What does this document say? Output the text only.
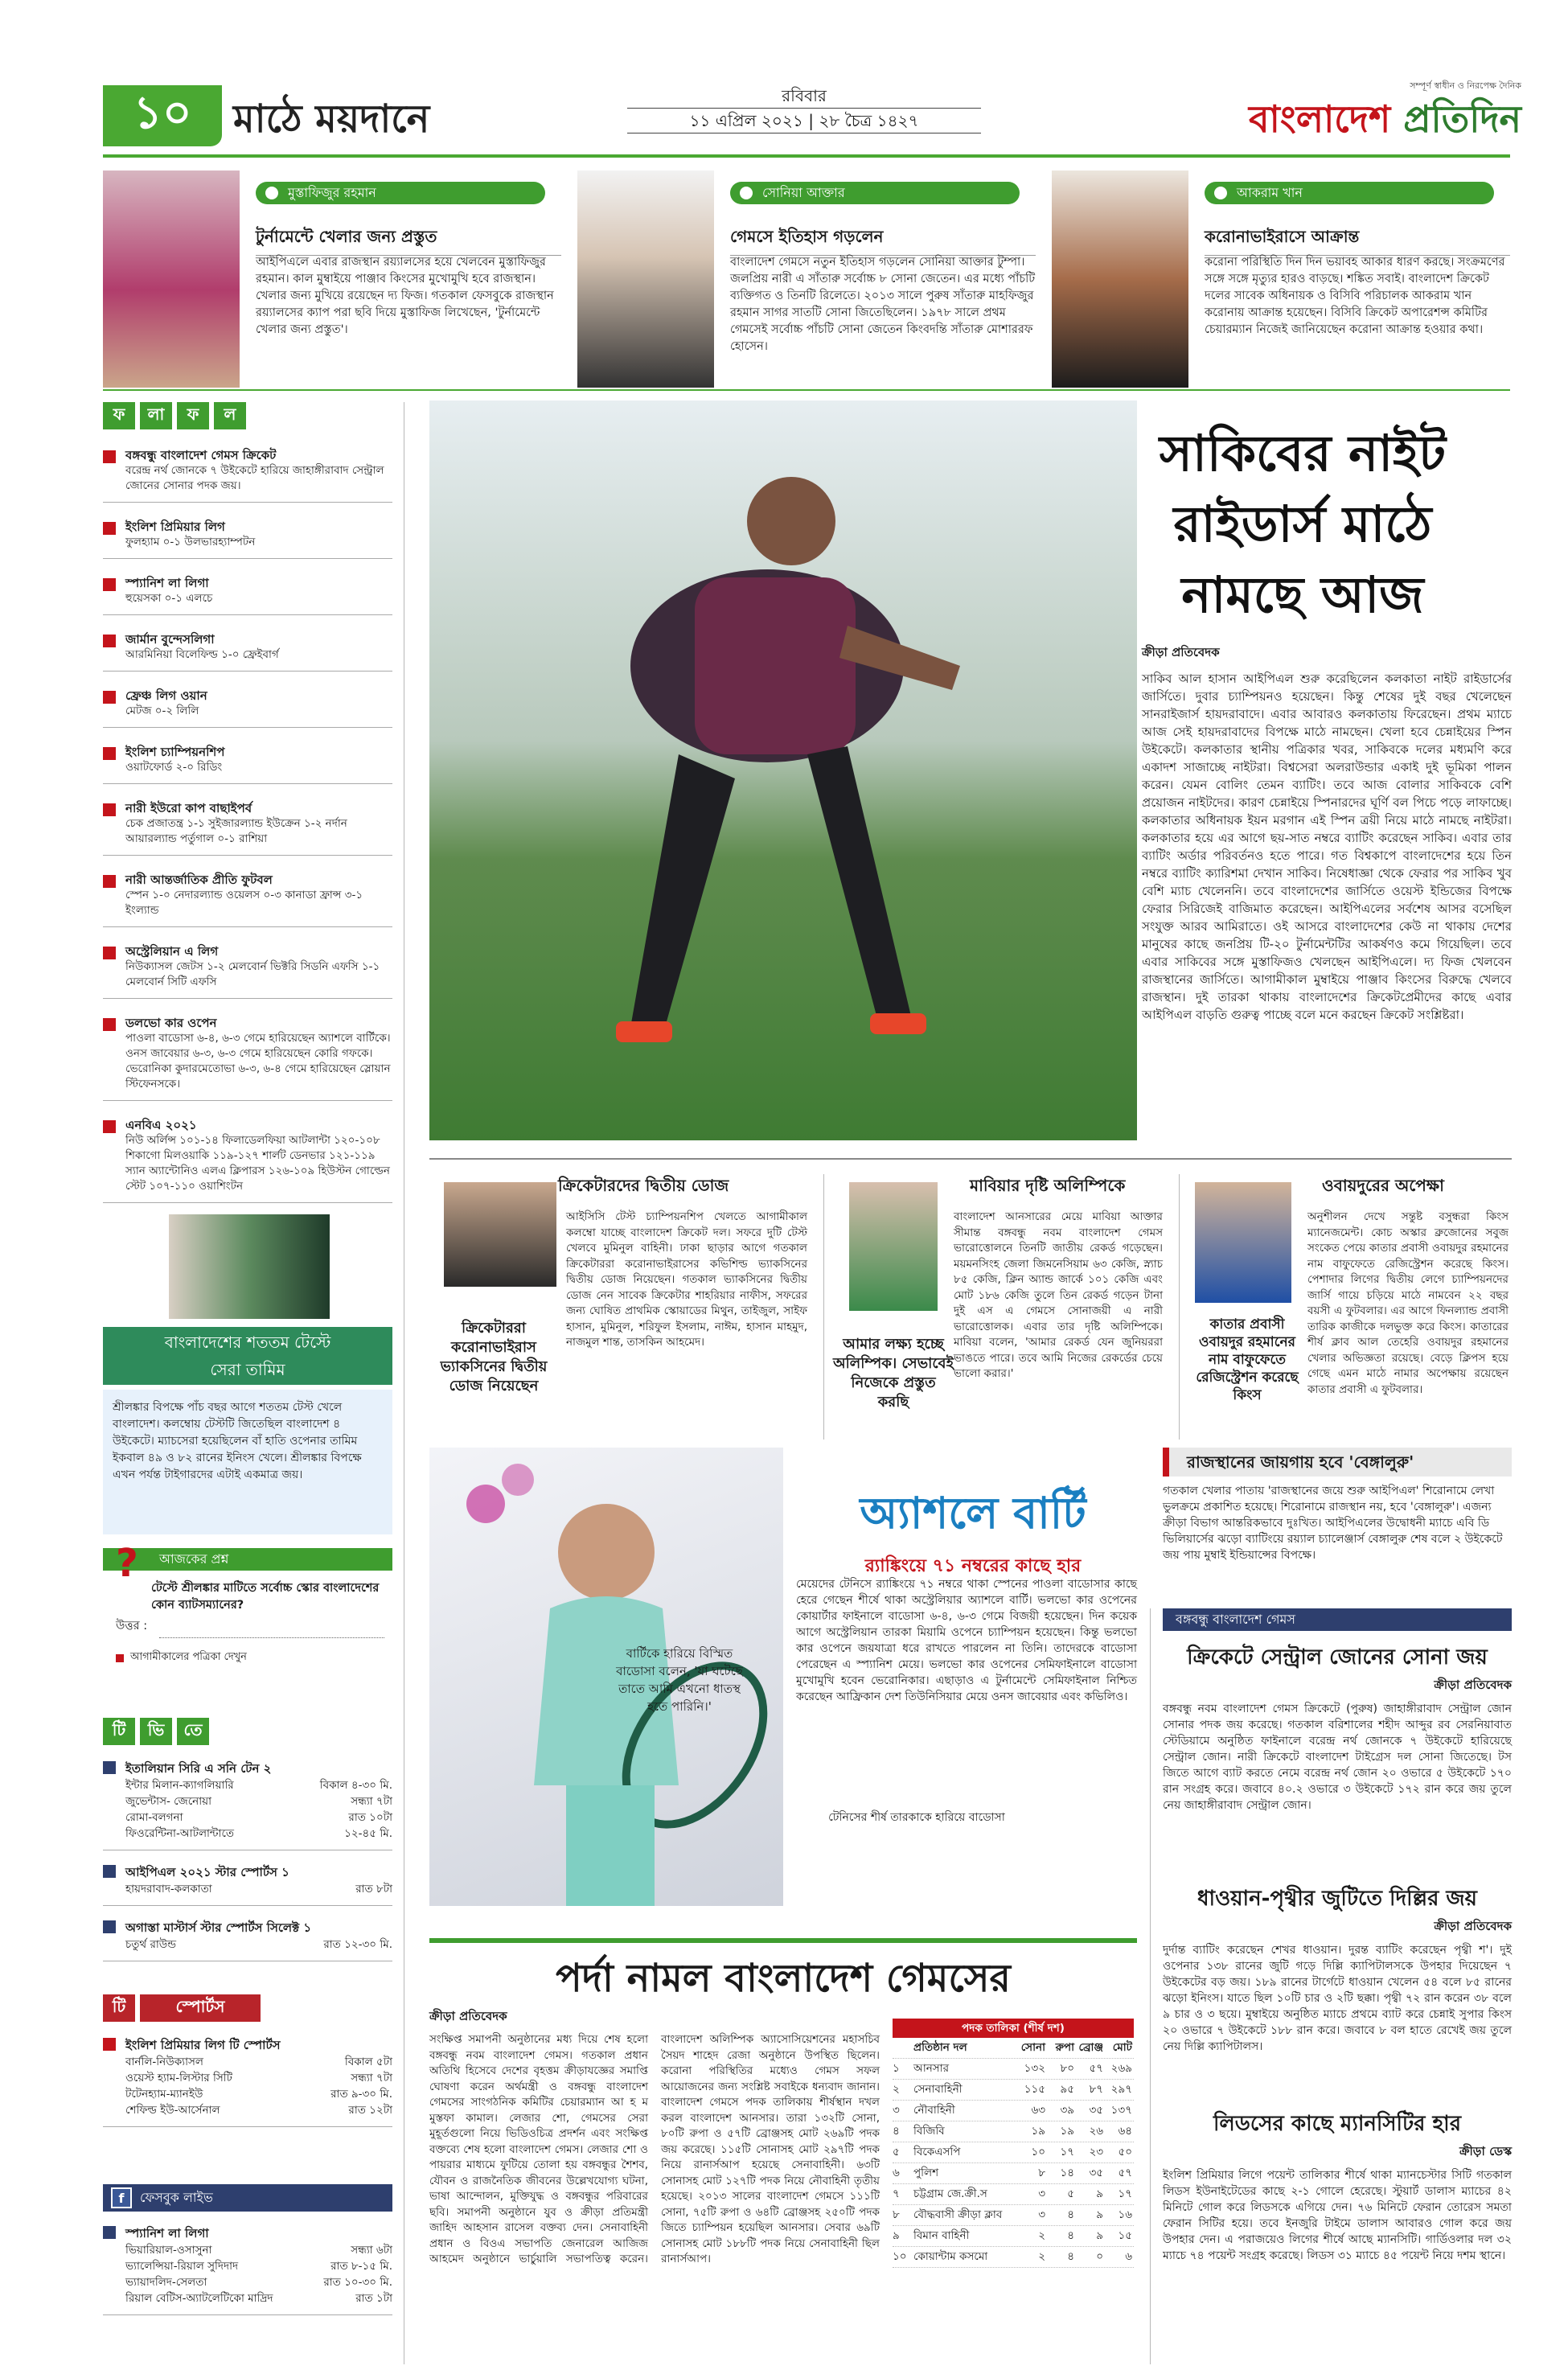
১০	মাঠে ময়দানে
রবিবার
১১ এপ্রিল ২০২১ | ২৮ চৈত্র ১৪২৭
সম্পূর্ণ স্বাধীন ও নিরপেক্ষ দৈনিক
বাংলাদেশ প্রতিদিন
মুস্তাফিজুর রহমান
টুর্নামেন্টে খেলার জন্য প্রস্তুত
আইপিএলে এবার রাজস্থান রয়্যালসের হয়ে খেলবেন মুস্তাফিজুর রহমান। কাল মুম্বাইয়ে পাঞ্জাব কিংসের মুখোমুখি হবে রাজস্থান। খেলার জন্য মুখিয়ে রয়েছেন দ্য ফিজ। গতকাল ফেসবুকে রাজস্থান রয়্যালসের ক্যাপ পরা ছবি দিয়ে মুস্তাফিজ লিখেছেন, 'টুর্নামেন্টে খেলার জন্য প্রস্তুত'।
সোনিয়া আক্তার
গেমসে ইতিহাস গড়লেন
বাংলাদেশ গেমসে নতুন ইতিহাস গড়লেন সোনিয়া আক্তার টুম্পা। জলপ্রিয় নারী এ সাঁতারু সর্বোচ্চ ৮ সোনা জেতেন। এর মধ্যে পাঁচটি ব্যক্তিগত ও তিনটি রিলেতে। ২০১৩ সালে পুরুষ সাঁতারু মাহফিজুর রহমান সাগর সাতটি সোনা জিতেছিলেন। ১৯৭৮ সালে প্রথম গেমসেই সর্বোচ্চ পাঁচটি সোনা জেতেন কিংবদন্তি সাঁতারু মোশাররফ হোসেন।
আকরাম খান
করোনাভাইরাসে আক্রান্ত
করোনা পরিস্থিতি দিন দিন ভয়াবহ আকার ধারণ করছে। সংক্রমণের সঙ্গে সঙ্গে মৃত্যুর হারও বাড়ছে। শঙ্কিত সবাই। বাংলাদেশ ক্রিকেট দলের সাবেক অধিনায়ক ও বিসিবি পরিচালক আকরাম খান করোনায় আক্রান্ত হয়েছেন। বিসিবি ক্রিকেট অপারেশন্স কমিটির চেয়ারম্যান নিজেই জানিয়েছেন করোনা আক্রান্ত হওয়ার কথা।
ফ	লা	ফ	ল
বঙ্গবন্ধু বাংলাদেশ গেমস ক্রিকেট
বরেন্দ্র নর্থ জোনকে ৭ উইকেটে হারিয়ে জাহাঙ্গীরাবাদ সেন্ট্রাল জোনের সোনার পদক জয়।
ইংলিশ প্রিমিয়ার লিগ
ফুলহ্যাম ০-১ উলভারহ্যাম্পটন
স্প্যানিশ লা লিগা
হুয়েসকা ০-১ এলচে
জার্মান বুন্দেসলিগা
আরমিনিয়া বিলেফিল্ড ১-০ ফ্রেইবার্গ
ফ্রেঞ্চ লিগ ওয়ান
মেটজ ০-২ লিলি
ইংলিশ চ্যাম্পিয়নশিপ
ওয়াটফোর্ড ২-০ রিডিং
নারী ইউরো কাপ বাছাইপর্ব
চেক প্রজাতন্ত্র ১-১ সুইজারল্যান্ড ইউক্রেন ১-২ নর্দান আয়ারল্যান্ড পর্তুগাল ০-১ রাশিয়া
নারী আন্তর্জাতিক প্রীতি ফুটবল
স্পেন ১-০ নেদারল্যান্ড ওয়েলস ০-৩ কানাডা ফ্রান্স ৩-১ ইংল্যান্ড
অস্ট্রেলিয়ান এ লিগ
নিউক্যাসল জেটস ১-২ মেলবোর্ন ভিক্টরি সিডনি এফসি ১-১ মেলবোর্ন সিটি এফসি
ডলভো কার ওপেন
পাওলা বাডোসা ৬-৪, ৬-৩ গেমে হারিয়েছেন অ্যাশলে বার্টিকে। ওনস জাবেয়ার ৬-৩, ৬-৩ গেমে হারিয়েছেন কোরি গফকে। ভেরোনিকা কুদারমেতোভা ৬-৩, ৬-৪ গেমে হারিয়েছেন স্লোয়ান স্টিফেনসকে।
এনবিএ ২০২১
নিউ অর্লিন্স ১০১-১৪ ফিলাডেলফিয়া আটলান্টা ১২০-১০৮ শিকাগো মিলওয়াকি ১১৯-১২৭ শার্লট ডেনভার ১২১-১১৯ স্যান অ্যান্টোনিও এলএ ক্লিপারস ১২৬-১০৯ হিউস্টন গোল্ডেন স্টেট ১০৭-১১০ ওয়াশিংটন
বাংলাদেশের শততম টেস্টে
সেরা তামিম
শ্রীলঙ্কার বিপক্ষে পাঁচ বছর আগে শততম টেস্ট খেলে বাংলাদেশ। কলম্বোয় টেস্টটি জিতেছিল বাংলাদেশ ৪ উইকেটে। ম্যাচসেরা হয়েছিলেন বাঁ হাতি ওপেনার তামিম ইকবাল ৪৯ ও ৮২ রানের ইনিংস খেলে। শ্রীলঙ্কার বিপক্ষে এখন পর্যন্ত টাইগারদের এটাই একমাত্র জয়।
আজকের প্রশ্ন
?
টেস্টে শ্রীলঙ্কার মাটিতে সর্বোচ্চ স্কোর বাংলাদেশের কোন ব্যাটসম্যানের?
উত্তর :
আগামীকালের পত্রিকা দেখুন
টি	ভি	তে
ইতালিয়ান সিরি এ সনি টেন ২
ইন্টার মিলান-ক্যাগলিয়ারি	বিকাল ৪-৩০ মি.
জুভেন্টাস- জেনোয়া	সন্ধ্যা ৭টা
রোমা-বলগনা	রাত ১০টা
ফিওরেন্টিনা-আটলান্টাতে	১২-৪৫ মি.
আইপিএল ২০২১ স্টার স্পোর্টস ১
হায়দরাবাদ-কলকাতা	রাত ৮টা
অগাস্তা মাস্টার্স স্টার স্পোর্টস সিলেক্ট ১
চতুর্থ রাউন্ড	রাত ১২-৩০ মি.
টি	স্পোর্টস
ইংলিশ প্রিমিয়ার লিগ টি স্পোর্টস
বার্নলি-নিউক্যাসল	বিকাল ৫টা
ওয়েস্ট হ্যাম-লিস্টার সিটি	সন্ধ্যা ৭টা
টটেনহ্যাম-ম্যানইউ	রাত ৯-৩০ মি.
শেফিল্ড ইউ-আর্সেনাল	রাত ১২টা
f	ফেসবুক লাইভ
স্প্যানিশ লা লিগা
ভিয়ারিয়াল-ওসাসুনা	সন্ধ্যা ৬টা
ভ্যালেন্সিয়া-রিয়াল সুদিদাদ	রাত ৮-১৫ মি.
ভ্যায়াদলিদ-সেলতা	রাত ১০-৩০ মি.
রিয়াল বেটিস-অ্যাটলেটিকো মাদ্রিদ	রাত ১টা
সাকিবের নাইট রাইডার্স মাঠে নামছে আজ
ক্রীড়া প্রতিবেদক
সাকিব আল হাসান আইপিএল শুরু করেছিলেন কলকাতা নাইট রাইডার্সের জার্সিতে। দুবার চ্যাম্পিয়নও হয়েছেন। কিন্তু শেষের দুই বছর খেলেছেন সানরাইজার্স হায়দরাবাদে। এবার আবারও কলকাতায় ফিরেছেন। প্রথম ম্যাচে আজ সেই হায়দরাবাদের বিপক্ষে মাঠে নামছেন। খেলা হবে চেন্নাইয়ের স্পিন উইকেটে। কলকাতার স্থানীয় পত্রিকার খবর, সাকিবকে দলের মধ্যমণি করে একাদশ সাজাচ্ছে নাইটরা। বিশ্বসেরা অলরাউন্ডার একাই দুই ভূমিকা পালন করেন। যেমন বোলিং তেমন ব্যাটিং। তবে আজ বোলার সাকিবকে বেশি প্রয়োজন নাইটদের। কারণ চেন্নাইয়ে স্পিনারদের ঘূর্ণি বল পিচে পড়ে লাফাচ্ছে। কলকাতার অধিনায়ক ইয়ন মরগান এই স্পিন ত্রয়ী নিয়ে মাঠে নামছে নাইটরা। কলকাতার হয়ে এর আগে ছয়-সাত নম্বরে ব্যাটিং করেছেন সাকিব। এবার তার ব্যাটিং অর্ডার পরিবর্তনও হতে পারে। গত বিশ্বকাপে বাংলাদেশের হয়ে তিন নম্বরে ব্যাটিং ক্যারিশমা দেখান সাকিব। নিষেধাজ্ঞা থেকে ফেরার পর সাকিব খুব বেশি ম্যাচ খেলেননি। তবে বাংলাদেশের জার্সিতে ওয়েস্ট ইন্ডিজের বিপক্ষে ফেরার সিরিজেই বাজিমাত করেছেন। আইপিএলের সর্বশেষ আসর বসেছিল সংযুক্ত আরব আমিরাতে। ওই আসরে বাংলাদেশের কেউ না থাকায় দেশের মানুষের কাছে জনপ্রিয় টি-২০ টুর্নামেন্টটির আকর্ষণও কমে গিয়েছিল। তবে এবার সাকিবের সঙ্গে মুস্তাফিজও খেলছেন আইপিএলে। দ্য ফিজ খেলবেন রাজস্থানের জার্সিতে। আগামীকাল মুম্বাইয়ে পাঞ্জাব কিংসের বিরুদ্ধে খেলবে রাজস্থান। দুই তারকা থাকায় বাংলাদেশের ক্রিকেটপ্রেমীদের কাছে এবার আইপিএল বাড়তি গুরুত্ব পাচ্ছে বলে মনে করছেন ক্রিকেট সংশ্লিষ্টরা।
ক্রিকেটারদের দ্বিতীয় ডোজ
ক্রিকেটাররা করোনাভাইরাস ভ্যাকসিনের দ্বিতীয় ডোজ নিয়েছেন
আইসিসি টেস্ট চ্যাম্পিয়নশিপ খেলতে আগামীকাল কলম্বো যাচ্ছে বাংলাদেশ ক্রিকেট দল। সফরে দুটি টেস্ট খেলবে মুমিনুল বাহিনী। ঢাকা ছাড়ার আগে গতকাল ক্রিকেটাররা করোনাভাইরাসের কভিশিল্ড ভ্যাকসিনের দ্বিতীয় ডোজ নিয়েছেন। গতকাল ভ্যাকসিনের দ্বিতীয় ডোজ নেন সাবেক ক্রিকেটার শাহরিয়ার নাফীস, সফরের জন্য ঘোষিত প্রাথমিক স্কোয়াডের মিথুন, তাইজুল, সাইফ হাসান, মুমিনুল, শরিফুল ইসলাম, নাঈম, হাসান মাহমুদ, নাজমুল শান্ত, তাসকিন আহমেদ।
মাবিয়ার দৃষ্টি অলিম্পিকে
আমার লক্ষ্য হচ্ছে অলিম্পিক। সেভাবেই নিজেকে প্রস্তুত করছি
বাংলাদেশ আনসারের মেয়ে মাবিয়া আক্তার সীমান্ত বঙ্গবন্ধু নবম বাংলাদেশ গেমস ভারোত্তোলনে তিনটি জাতীয় রেকর্ড গড়েছেন। ময়মনসিংহ জেলা জিমনেসিয়াম ৬৩ কেজি, স্ন্যাচ ৮৫ কেজি, ক্লিন অ্যান্ড জার্কে ১০১ কেজি এবং মোট ১৮৬ কেজি তুলে তিন রেকর্ড গড়েন টানা দুই এস এ গেমসে সোনাজয়ী এ নারী ভারোত্তোলক। এবার তার দৃষ্টি অলিম্পিকে। মাবিয়া বলেন, 'আমার রেকর্ড যেন জুনিয়ররা ভাঙতে পারে। তবে আমি নিজের রেকর্ডের চেয়ে ভালো করার।'
ওবায়দুরের অপেক্ষা
কাতার প্রবাসী ওবায়দুর রহমানের নাম বাফুফেতে রেজিস্ট্রেশন করেছে কিংস
অনুশীলন দেখে সন্তুষ্ট বসুন্ধরা কিংস ম্যানেজমেন্ট। কোচ অস্কার ব্রুজোনের সবুজ সংকেত পেয়ে কাতার প্রবাসী ওবায়দুর রহমানের নাম বাফুফেতে রেজিস্ট্রেশন করেছে কিংস। পেশাদার লিগের দ্বিতীয় লেগে চ্যাম্পিয়নদের জার্সি গায়ে চড়িয়ে মাঠে নামবেন ২২ বছর বয়সী এ ফুটবলার। এর আগে ফিনল্যান্ড প্রবাসী তারিক কাজীকে দলভুক্ত করে কিংস। কাতারের শীর্ষ ক্লাব আল তেহেরি ওবায়দুর রহমানের খেলার অভিজ্ঞতা রয়েছে। বেড়ে ক্লিপস হয়ে গেছে এমন মাঠে নামার অপেক্ষায় রয়েছেন কাতার প্রবাসী এ ফুটবলার।
রাজস্থানের জায়গায় হবে 'বেঙ্গালুরু'
গতকাল খেলার পাতায় 'রাজস্থানের জয়ে শুরু আইপিএল' শিরোনামে লেখা ভুলক্রমে প্রকাশিত হয়েছে। শিরোনামে রাজস্থান নয়, হবে 'বেঙ্গালুরু'। এজন্য ক্রীড়া বিভাগ আন্তরিকভাবে দুঃখিত। আইপিএলের উদ্বোধনী ম্যাচে এবি ডি ভিলিয়ার্সের ঝড়ো ব্যাটিংয়ে রয়্যাল চ্যালেঞ্জার্স বেঙ্গালুরু শেষ বলে ২ উইকেটে জয় পায় মুম্বাই ইন্ডিয়ান্সের বিপক্ষে।
অ্যাশলে বার্টি
র‌্যাঙ্কিংয়ে ৭১ নম্বরের কাছে হার
মেয়েদের টেনিসে র‌্যাঙ্কিংয়ে ৭১ নম্বরে থাকা স্পেনের পাওলা বাডোসার কাছে হেরে গেছেন শীর্ষে থাকা অস্ট্রেলিয়ার অ্যাশলে বার্টি। ভলভো কার ওপেনের কোয়ার্টার ফাইনালে বাডোসা ৬-৪, ৬-৩ গেমে বিজয়ী হয়েছেন। দিন কয়েক আগে অস্ট্রেলিয়ান তারকা মিয়ামি ওপেনে চ্যাম্পিয়ন হয়েছেন। কিন্তু ভলভো কার ওপেনে জয়যাত্রা ধরে রাখতে পারলেন না তিনি। তাদেরকে বাডোসা পেরেছেন এ স্প্যানিশ মেয়ে। ভলভো কার ওপেনের সেমিফাইনালে বাডোসা মুখোমুখি হবেন ভেরোনিকার। এছাড়াও এ টুর্নামেন্টে সেমিফাইনাল নিশ্চিত করেছেন আফ্রিকান দেশ তিউনিসিয়ার মেয়ে ওনস জাবেয়ার এবং কভিলিও।
বার্টিকে হারিয়ে বিস্মিত বাডোসা বলেন, 'যা ঘটেছে তাতে আমি এখনো ধাতস্থ হতে পারিনি।'
টেনিসের শীর্ষ তারকাকে হারিয়ে বাডোসা
পর্দা নামল বাংলাদেশ গেমসের
ক্রীড়া প্রতিবেদক
সংক্ষিপ্ত সমাপনী অনুষ্ঠানের মধ্য দিয়ে শেষ হলো বঙ্গবন্ধু নবম বাংলাদেশ গেমস। গতকাল প্রধান অতিথি হিসেবে দেশের বৃহত্তম ক্রীড়াযজ্ঞের সমাপ্তি ঘোষণা করেন অর্থমন্ত্রী ও বঙ্গবন্ধু বাংলাদেশ গেমসের সাংগঠনিক কমিটির চেয়ারম্যান আ হ ম মুস্তফা কামাল। লেজার শো, গেমসের সেরা মুহূর্তগুলো নিয়ে ভিডিওচিত্র প্রদর্শন এবং সংক্ষিপ্ত বক্তব্যে শেষ হলো বাংলাদেশ গেমস। লেজার শো ও পায়রার মাধ্যমে ফুটিয়ে তোলা হয় বঙ্গবন্ধুর শৈশব, যৌবন ও রাজনৈতিক জীবনের উল্লেখযোগ্য ঘটনা, ভাষা আন্দোলন, মুক্তিযুদ্ধ ও বঙ্গবন্ধুর পরিবারের ছবি। সমাপনী অনুষ্ঠানে যুব ও ক্রীড়া প্রতিমন্ত্রী জাহিদ আহসান রাসেল বক্তব্য দেন। সেনাবাহিনী প্রধান ও বিওএ সভাপতি জেনারেল আজিজ আহমেদ অনুষ্ঠানে ভার্চুয়ালি সভাপতিত্ব করেন। বাংলাদেশ অলিম্পিক অ্যাসোসিয়েশনের মহাসচিব সৈয়দ শাহেদ রেজা অনুষ্ঠানে উপস্থিত ছিলেন। করোনা পরিস্থিতির মধ্যেও গেমস সফল আয়োজনের জন্য সংশ্লিষ্ট সবাইকে ধন্যবাদ জানান। বাংলাদেশ গেমসে পদক তালিকায় শীর্ষস্থান দখল করল বাংলাদেশ আনসার। তারা ১৩২টি সোনা, ৮০টি রুপা ও ৫৭টি ব্রোঞ্জসহ মোট ২৬৯টি পদক জয় করেছে। ১১৫টি সোনাসহ মোট ২৯৭টি পদক নিয়ে রানার্সআপ হয়েছে সেনাবাহিনী। ৬৩টি সোনাসহ মোট ১২৭টি পদক নিয়ে নৌবাহিনী তৃতীয় হয়েছে। ২০১৩ সালের বাংলাদেশ গেমসে ১১১টি সোনা, ৭৫টি রুপা ও ৬৪টি ব্রোঞ্জসহ ২৫০টি পদক জিতে চ্যাম্পিয়ন হয়েছিল আনসার। সেবার ৬৯টি সোনাসহ মোট ১৮৮টি পদক নিয়ে সেনাবাহিনী ছিল রানার্সআপ।
পদক তালিকা (শীর্ষ দশ)
প্রতিষ্ঠান দল	সোনা রুপা ব্রোঞ্জ মোট
১	আনসার	১৩২	৮০	৫৭ ২৬৯
২	সেনাবাহিনী	১১৫	৯৫	৮৭ ২৯৭
৩	নৌবাহিনী	৬৩	৩৯	৩৫ ১৩৭
৪	বিজিবি	১৯	১৯	২৬	৬৪
৫	বিকেএসপি	১০	১৭	২৩	৫০
৬	পুলিশ	৮	১৪	৩৫	৫৭
৭	চট্টগ্রাম জে.ক্রী.স	৩	৫	৯	১৭
৮	বৌদ্ধবাসী ক্রীড়া ক্লাব	৩	৪	৯	১৬
৯	বিমান বাহিনী	২	৪	৯	১৫
১০ কোয়ান্টাম কসমো	২	৪	০	৬
বঙ্গবন্ধু বাংলাদেশ গেমস
ক্রিকেটে সেন্ট্রাল জোনের সোনা জয়
ক্রীড়া প্রতিবেদক
বঙ্গবন্ধু নবম বাংলাদেশ গেমস ক্রিকেটে (পুরুষ) জাহাঙ্গীরাবাদ সেন্ট্রাল জোন সোনার পদক জয় করেছে। গতকাল বরিশালের শহীদ আব্দুর রব সেরনিয়াবাত স্টেডিয়ামে অনুষ্ঠিত ফাইনালে বরেন্দ্র নর্থ জোনকে ৭ উইকেটে হারিয়েছে সেন্ট্রাল জোন। নারী ক্রিকেটে বাংলাদেশ টাইগ্রেস দল সোনা জিতেছে। টস জিতে আগে ব্যাট করতে নেমে বরেন্দ্র নর্থ জোন ২০ ওভারে ৫ উইকেটে ১৭০ রান সংগ্রহ করে। জবাবে ৪০.২ ওভারে ৩ উইকেটে ১৭২ রান করে জয় তুলে নেয় জাহাঙ্গীরাবাদ সেন্ট্রাল জোন।
ধাওয়ান-পৃথ্বীর জুটিতে দিল্লির জয়
ক্রীড়া প্রতিবেদক
দুর্দান্ত ব্যাটিং করেছেন শেখর ধাওয়ান। দুরন্ত ব্যাটিং করেছেন পৃথ্বী শ'। দুই ওপেনার ১৩৮ রানের জুটি গড়ে দিল্লি ক্যাপিটালসকে উপহার দিয়েছেন ৭ উইকেটের বড় জয়। ১৮৯ রানের টার্গেটে ধাওয়ান খেলেন ৫৪ বলে ৮৫ রানের ঝড়ো ইনিংস। যাতে ছিল ১০টি চার ও ২টি ছক্কা। পৃথ্বী ৭২ রান করেন ৩৮ বলে ৯ চার ও ৩ ছয়ে। মুম্বাইয়ে অনুষ্ঠিত ম্যাচে প্রথমে ব্যাট করে চেন্নাই সুপার কিংস ২০ ওভারে ৭ উইকেটে ১৮৮ রান করে। জবাবে ৮ বল হাতে রেখেই জয় তুলে নেয় দিল্লি ক্যাপিটালস।
লিডসের কাছে ম্যানসিটির হার
ক্রীড়া ডেস্ক
ইংলিশ প্রিমিয়ার লিগে পয়েন্ট তালিকার শীর্ষে থাকা ম্যানচেস্টার সিটি গতকাল লিডস ইউনাইটেডের কাছে ২-১ গোলে হেরেছে। স্টুয়ার্ট ডালাস ম্যাচের ৪২ মিনিটে গোল করে লিডসকে এগিয়ে দেন। ৭৬ মিনিটে ফেরান তোরেস সমতা ফেরান সিটির হয়ে। তবে ইনজুরি টাইমে ডালাস আবারও গোল করে জয় উপহার দেন। এ পরাজয়েও লিগের শীর্ষে আছে ম্যানসিটি। গার্ডিওলার দল ৩২ ম্যাচে ৭৪ পয়েন্ট সংগ্রহ করেছে। লিডস ৩১ ম্যাচে ৪৫ পয়েন্ট নিয়ে দশম স্থানে।
